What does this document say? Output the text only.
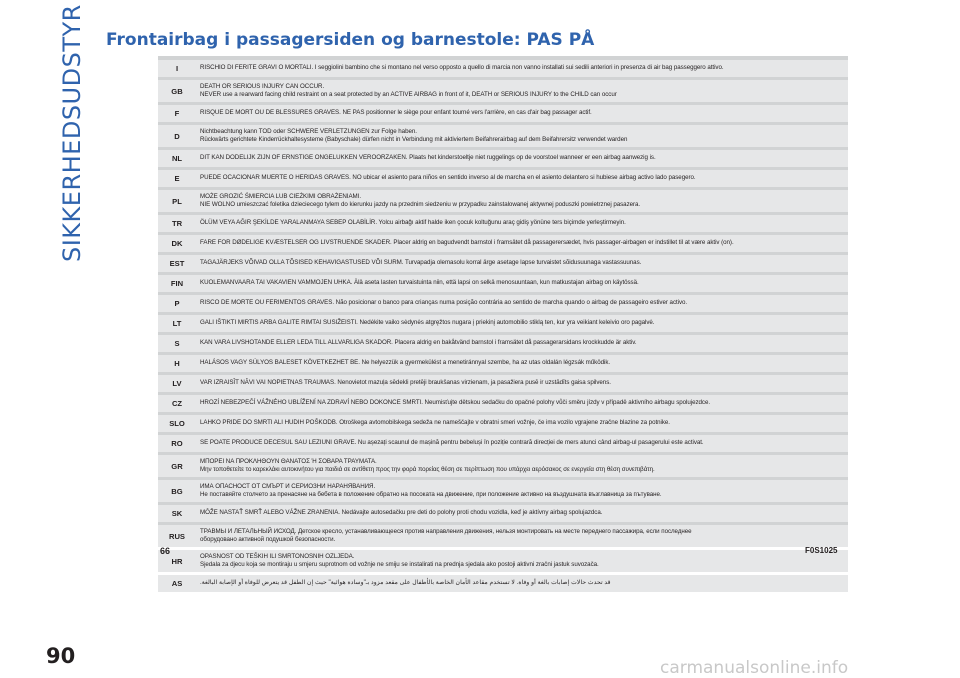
SIKKERHEDSUDSTYR Frontairbag i passagersiden og barnestole: PAS PÅ
I	RISCHIO DI FERITE GRAVI O MORTALI. I seggiolini bambino che si montano nel verso opposto a quello di marcia non vanno installati sui sedili anteriori in presenza di air bag passeggero attivo.

GB	DEATH OR SERIOUS INJURY CAN OCCUR.
NEVER use a rearward facing child restraint on a seat protected by an ACTIVE AIRBAG in front of it, DEATH or SERIOUS INJURY to the CHILD can occur

F	RISQUE DE MORT OU DE BLESSURES GRAVES. NE PAS positionner le siège pour enfant tourné vers l'arrière, en cas d'air bag passager actif.

D	Nichtbeachtung kann TOD oder SCHWERE VERLETZUNGEN zur Folge haben.
Rückwärts gerichtete Kinderrückhaltesysteme (Babyschale) dürfen nicht in Verbindung mit aktiviertem Beifahrerairbag auf dem Beifahrersitz verwendet warden

NL	DIT KAN DODELIJK ZIJN OF ERNSTIGE ONGELUKKEN VEROORZAKEN. Plaats het kinderstoeltje niet ruggelings op de voorstoel wanneer er een airbag aanwezig is.

E	PUEDE OCACIONAR MUERTE O HERIDAS GRAVES. NO ubicar el asiento para niños en sentido inverso al de marcha en el asiento delantero si hubiese airbag activo lado pasegero.

PL	MOŻE GROZIĆ ŚMIERCIA LUB CIEŻKIMI OBRAŻENIAMI.
NIE WOLNO umieszczać foletika dzieciecego tylem do kierunku jazdy na przednim siedzeniu w przypadku zainstalowanej aktywnej poduszki powietrznej pasazera.

TR	ÖLÜM VEYA AĞIR ŞEKİLDE YARALANMAYA SEBEP OLABİLİR. Yolcu airbağı aktif halde iken çocuk koltuğunu araç gidiş yönüne ters biçimde yerleştirmeyin.

DK	FARE FOR DØDELIGE KVÆSTELSER OG LIVSTRUENDE SKADER. Placer aldrig en bagudvendt barnstol i framsätet då passagerersædet, hvis passager-airbagen er indstillet til at være aktiv (on).

EST	TAGAJÄRJEKS VÕIVAD OLLA TÕSISED KEHAVIGASTUSED VÕI SURM. Turvapadja olemasolu korral ärge asetage lapse turvaistet sõidusuunaga vastassuunas.

FIN	KUOLEMANVAARA TAI VAKAVIEN VAMMOJEN UHKA. Älä aseta lasten turvaistuinta niin, että lapsi on selkä menosuuntaan, kun matkustajan airbag on käytössä.

P	RISCO DE MORTE OU FERIMENTOS GRAVES. Não posicionar o banco para crianças numa posição contrária ao sentido de marcha quando o airbag de passageiro estiver activo.

LT	GALI IŠTIKTI MIRTIS ARBA GALITE RIMTAI SUSIŽEISTI. Nedėkite vaiko sėdynės atgręžtos nugara į priekinį automobilio stiklą ten, kur yra veikiant keleivio oro pagalvė.

S	KAN VARA LIVSHOTANDE ELLER LEDA TILL ALLVARLIGA SKADOR. Placera aldrig en bakåtvänd barnstol i framsätet då passagerarsidans krockkudde är aktiv.

H	HALÁSOS VAGY SÚLYOS BALESET KÖVETKEZHET BE. Ne helyezzük a gyermekülést a menetiránnyal szembe, ha az utas oldalán légzsák működik.

LV	VAR IZRAISĪT NĀVI VAI NOPIETNAS TRAUMAS. Nenovietot mazuļa sēdekli pretēji braukšanas virzienam, ja pasažiera pusē ir uzstādīts gaisa spilvens.

CZ	HROZÍ NEBEZPEČÍ VÁŽNÉHO UBLÍŽENÍ NA ZDRAVÍ NEBO DOKONCE SMRTI. Neumisťujte dětskou sedačku do opačné polohy vůči směru jízdy v případě aktivního airbagu spolujezdce.

SLO	LAHKO PRIDE DO SMRTI ALI HUDIH POŠKODB. Otroškega avtomobilskega sedeža ne nameščajte v obratni smeri vožnje, če ima vozilo vgrajene zračne blazine za potnike.

RO	SE POATE PRODUCE DECESUL SAU LEZIUNI GRAVE. Nu așezați scaunul de mașină pentru bebeluși în poziție contrară direcției de mers atunci când airbag-ul pasagerului este activat.

GR	ΜΠΟΡΕΙ ΝΑ ΠΡΟΚΛΗΘΟΥΝ ΘΑΝΑΤΟΣ Ή ΣΟΒΑΡΑ ΤΡΑΥΜΑΤΑ.
Μην τοποθετείτε το καρεκλάκι αυτοκινήτου για παιδιά σε αντίθετη προς την φορά πορείας θέση σε περίπτωση που υπάρχει αερόσακος σε ενεργεία στη θέση συνεπιβάτη.

BG	ИМА ОПАСНОСТ ОТ СМЪРТ И СЕРИОЗНИ НАРАНЯВАНИЯ.
Не поставяйте столчето за пренасяне на бебета в положение обратно на посоката на движение, при положение активно на въздушната възглавница за пътуване.

SK	MÔŽE NASTAŤ SMRŤ ALEBO VÁŽNE ZRANENIA. Nedávajte autosedačku pre deti do polohy proti chodu vozidla, keď je aktívny airbag spolujazdca.

RUS	ТРАВМЫ И ЛЕТАЛЬНЫЙ ИСХОД. Детское кресло, устанавливающееся против направления движения, нельзя монтировать на месте переднего пассажира, если последнее
оборудовано активной подушкой безопасности.

HR	OPASNOST OD TEŠKIH ILI SMRTONOSNIH OZLJEDA.
Sjedala za djecu koja se montiraju u smjeru suprotnom od vožnje ne smiju se instalirati na prednja sjedala ako postoji aktivni zračni jastuk suvozača.

AS	قد تحدث حالات إصابات بالغة أو وفاة. لا تستخدم مقاعد الأمان الخاصة بالأطفال على مقعد مزود بـ"وسادة هوائية" حيث إن الطفل قد يتعرض للوفاة أو الإصابة البالغة.
66	F0S1025
90	carmanualsonline.info
